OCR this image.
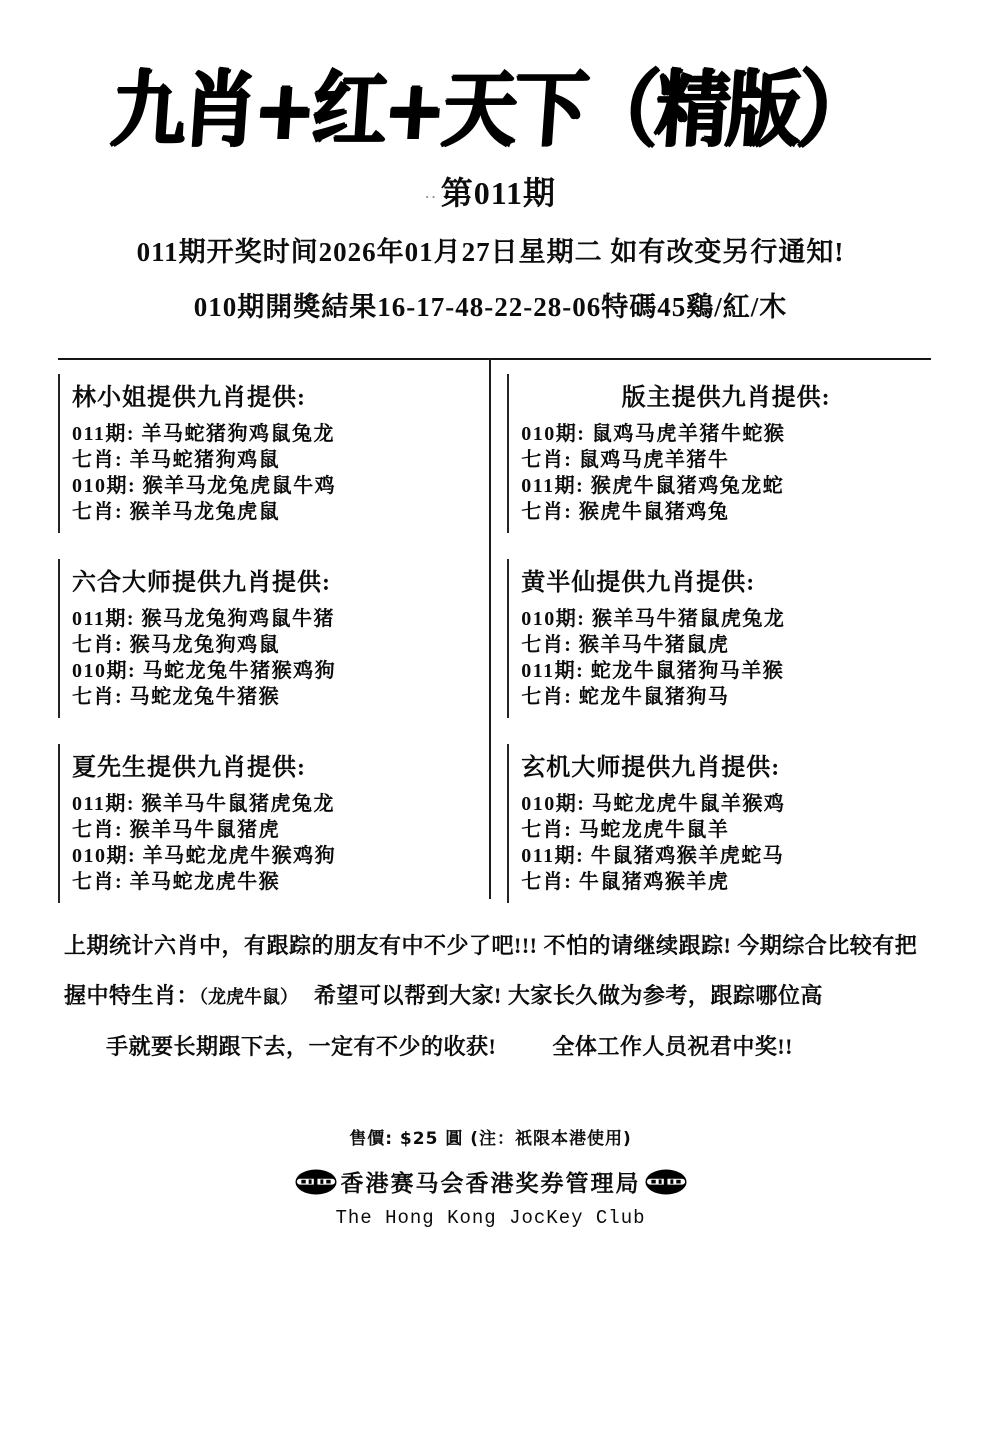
九肖+红+天下（精版）
··第011期
011期开奖时间2026年01月27日星期二 如有改变另行通知!
010期開獎結果16-17-48-22-28-06特碼45鷄/紅/木
林小姐提供九肖提供:
011期: 羊马蛇猪狗鸡鼠兔龙
七肖: 羊马蛇猪狗鸡鼠
010期: 猴羊马龙兔虎鼠牛鸡
七肖: 猴羊马龙兔虎鼠
六合大师提供九肖提供:
011期: 猴马龙兔狗鸡鼠牛猪
七肖: 猴马龙兔狗鸡鼠
010期: 马蛇龙兔牛猪猴鸡狗
七肖: 马蛇龙兔牛猪猴
夏先生提供九肖提供:
011期: 猴羊马牛鼠猪虎兔龙
七肖: 猴羊马牛鼠猪虎
010期: 羊马蛇龙虎牛猴鸡狗
七肖: 羊马蛇龙虎牛猴
版主提供九肖提供:
010期: 鼠鸡马虎羊猪牛蛇猴
七肖: 鼠鸡马虎羊猪牛
011期: 猴虎牛鼠猪鸡兔龙蛇
七肖: 猴虎牛鼠猪鸡兔
黄半仙提供九肖提供:
010期: 猴羊马牛猪鼠虎兔龙
七肖: 猴羊马牛猪鼠虎
011期: 蛇龙牛鼠猪狗马羊猴
七肖: 蛇龙牛鼠猪狗马
玄机大师提供九肖提供:
010期: 马蛇龙虎牛鼠羊猴鸡
七肖: 马蛇龙虎牛鼠羊
011期: 牛鼠猪鸡猴羊虎蛇马
七肖: 牛鼠猪鸡猴羊虎
上期统计六肖中，有跟踪的朋友有中不少了吧!!! 不怕的请继续跟踪! 今期综合比较有把
握中特生肖：（龙虎牛鼠） 希望可以帮到大家! 大家长久做为参考，跟踪哪位高
手就要长期跟下去，一定有不少的收获!	全体工作人员祝君中奖!!
售價: $25 圓 (注：祇限本港使用)
香港赛马会香港奖券管理局
The Hong Kong JocKey Club
